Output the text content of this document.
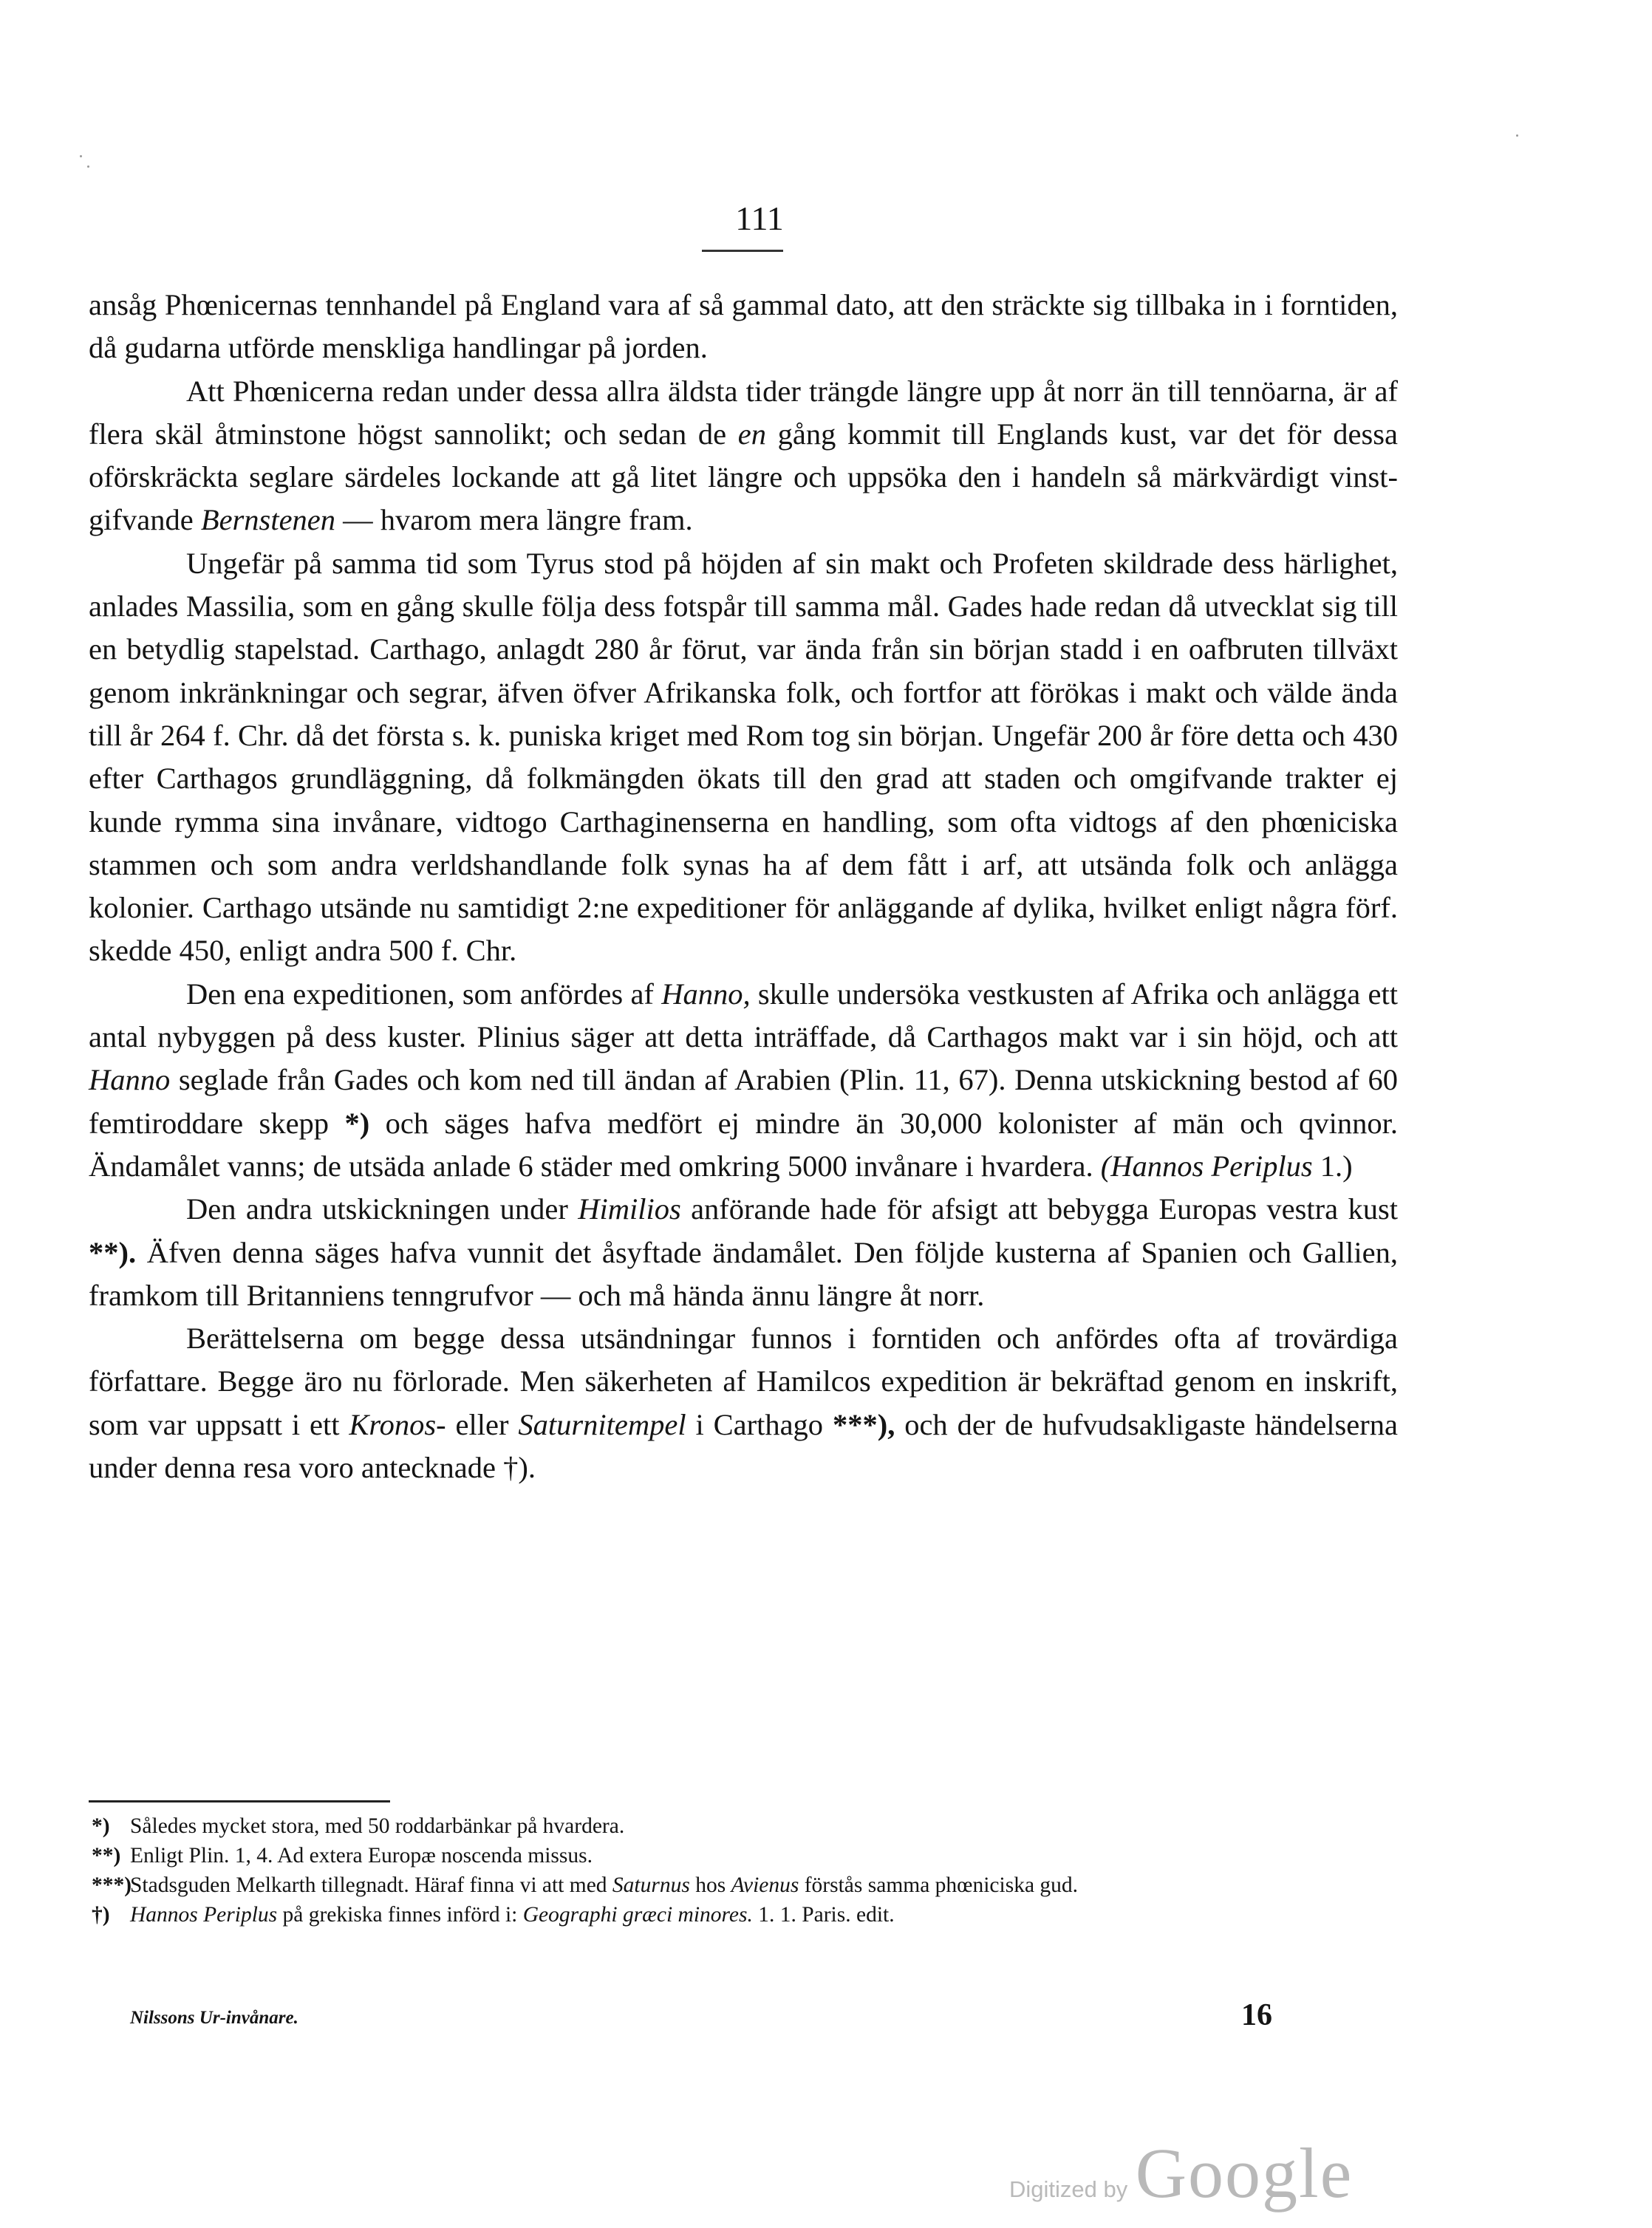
111

ansåg Phœnicernas tennhandel på England vara af så gammal dato, att den sträckte sig tillbaka in i forntiden, då gudarna utförde menskliga handlingar på jorden.

Att Phœnicerna redan under dessa allra äldsta tider trängde längre upp åt norr än till tennöarna, är af flera skäl åtminstone högst sannolikt; och sedan de en gång kommit till Englands kust, var det för dessa oförskräckta seglare särdeles lockande att gå litet längre och uppsöka den i handeln så märkvärdigt vinstgifvande Bernstenen — hvarom mera längre fram.

Ungefär på samma tid som Tyrus stod på höjden af sin makt och Profeten skildrade dess härlighet, anlades Massilia, som en gång skulle följa dess fotspår till samma mål. Gades hade redan då utvecklat sig till en betydlig stapelstad. Carthago, anlagdt 280 år förut, var ända från sin början stadd i en oafbruten tillväxt genom inkränkningar och segrar, äfven öfver Afrikanska folk, och fortfor att förökas i makt och välde ända till år 264 f. Chr. då det första s. k. puniska kriget med Rom tog sin början. Ungefär 200 år före detta och 430 efter Carthagos grundläggning, då folkmängden ökats till den grad att staden och omgifvande trakter ej kunde rymma sina invånare, vidtogo Carthaginenserna en handling, som ofta vidtogs af den phœniciska stammen och som andra verldshandlande folk synas ha af dem fått i arf, att utsända folk och anlägga kolonier. Carthago utsände nu samtidigt 2:ne expeditioner för anläggande af dylika, hvilket enligt några förf. skedde 450, enligt andra 500 f. Chr.

Den ena expeditionen, som anfördes af Hanno, skulle undersöka vestkusten af Afrika och anlägga ett antal nybyggen på dess kuster. Plinius säger att detta inträffade, då Carthagos makt var i sin höjd, och att Hanno seglade från Gades och kom ned till ändan af Arabien (Plin. 11, 67). Denna utskickning bestod af 60 femtiroddare skepp *) och säges hafva medfört ej mindre än 30,000 kolonister af män och qvinnor. Ändamålet vanns; de utsäda anlade 6 städer med omkring 5000 invånare i hvardera. (Hannos Periplus 1.)

Den andra utskickningen under Himilios anförande hade för afsigt att bebygga Europas vestra kust **). Äfven denna säges hafva vunnit det åsyftade ändamålet. Den följde kusterna af Spanien och Gallien, framkom till Britanniens tenngrufvor — och må hända ännu längre åt norr.

Berättelserna om begge dessa utsändningar funnos i forntiden och anfördes ofta af trovärdiga författare. Begge äro nu förlorade. Men säkerheten af Hamilcos expedition är bekräftad genom en inskrift, som var uppsatt i ett Kronos- eller Saturnitempel i Carthago ***), och der de hufvudsakligaste händelserna under denna resa voro antecknade †).

*) Således mycket stora, med 50 roddarbänkar på hvardera.
**) Enligt Plin. 1, 4. Ad extera Europæ noscenda missus.
***)
Stadsguden Melkarth tillegnadt. Häraf finna vi att med Saturnus hos Avienus förstås samma phœniciska gud.
†) Hannos Periplus på grekiska finnes införd i: Geographi græci minores. 1. 1. Paris. edit.
Nilssons Ur-invånare.	16
Digitized by Google
